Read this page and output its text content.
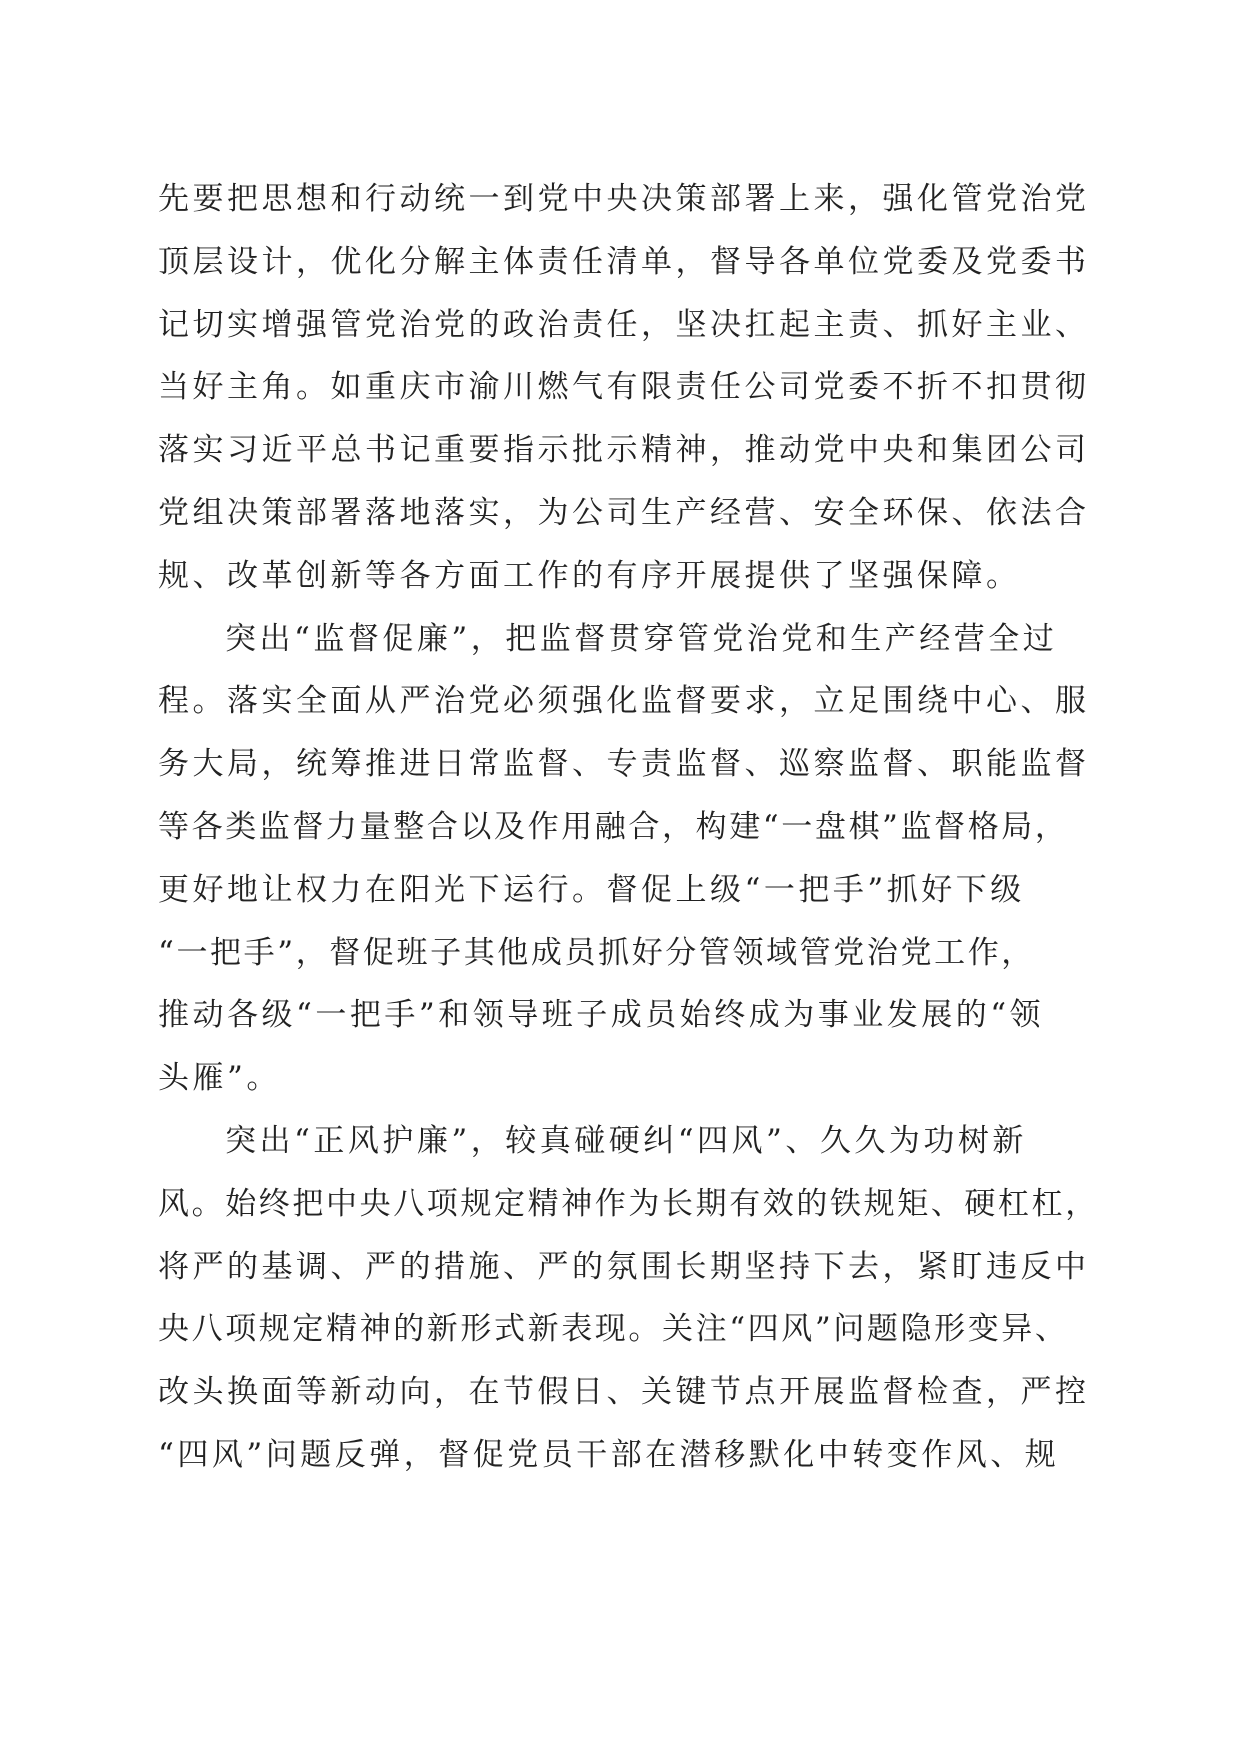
先要把思想和行动统一到党中央决策部署上来，强化管党治党
顶层设计，优化分解主体责任清单，督导各单位党委及党委书
记切实增强管党治党的政治责任，坚决扛起主责、抓好主业、
当好主角。如重庆市渝川燃气有限责任公司党委不折不扣贯彻
落实习近平总书记重要指示批示精神，推动党中央和集团公司
党组决策部署落地落实，为公司生产经营、安全环保、依法合
规、改革创新等各方面工作的有序开展提供了坚强保障。
突出“监督促廉”，把监督贯穿管党治党和生产经营全过
程。落实全面从严治党必须强化监督要求，立足围绕中心、服
务大局，统筹推进日常监督、专责监督、巡察监督、职能监督
等各类监督力量整合以及作用融合，构建“一盘棋”监督格局，
更好地让权力在阳光下运行。督促上级“一把手”抓好下级
“一把手”，督促班子其他成员抓好分管领域管党治党工作，
推动各级“一把手”和领导班子成员始终成为事业发展的“领
头雁”。
突出“正风护廉”，较真碰硬纠“四风”、久久为功树新
风。始终把中央八项规定精神作为长期有效的铁规矩、硬杠杠，
将严的基调、严的措施、严的氛围长期坚持下去，紧盯违反中
央八项规定精神的新形式新表现。关注“四风”问题隐形变异、
改头换面等新动向，在节假日、关键节点开展监督检查，严控
“四风”问题反弹，督促党员干部在潜移默化中转变作风、规
